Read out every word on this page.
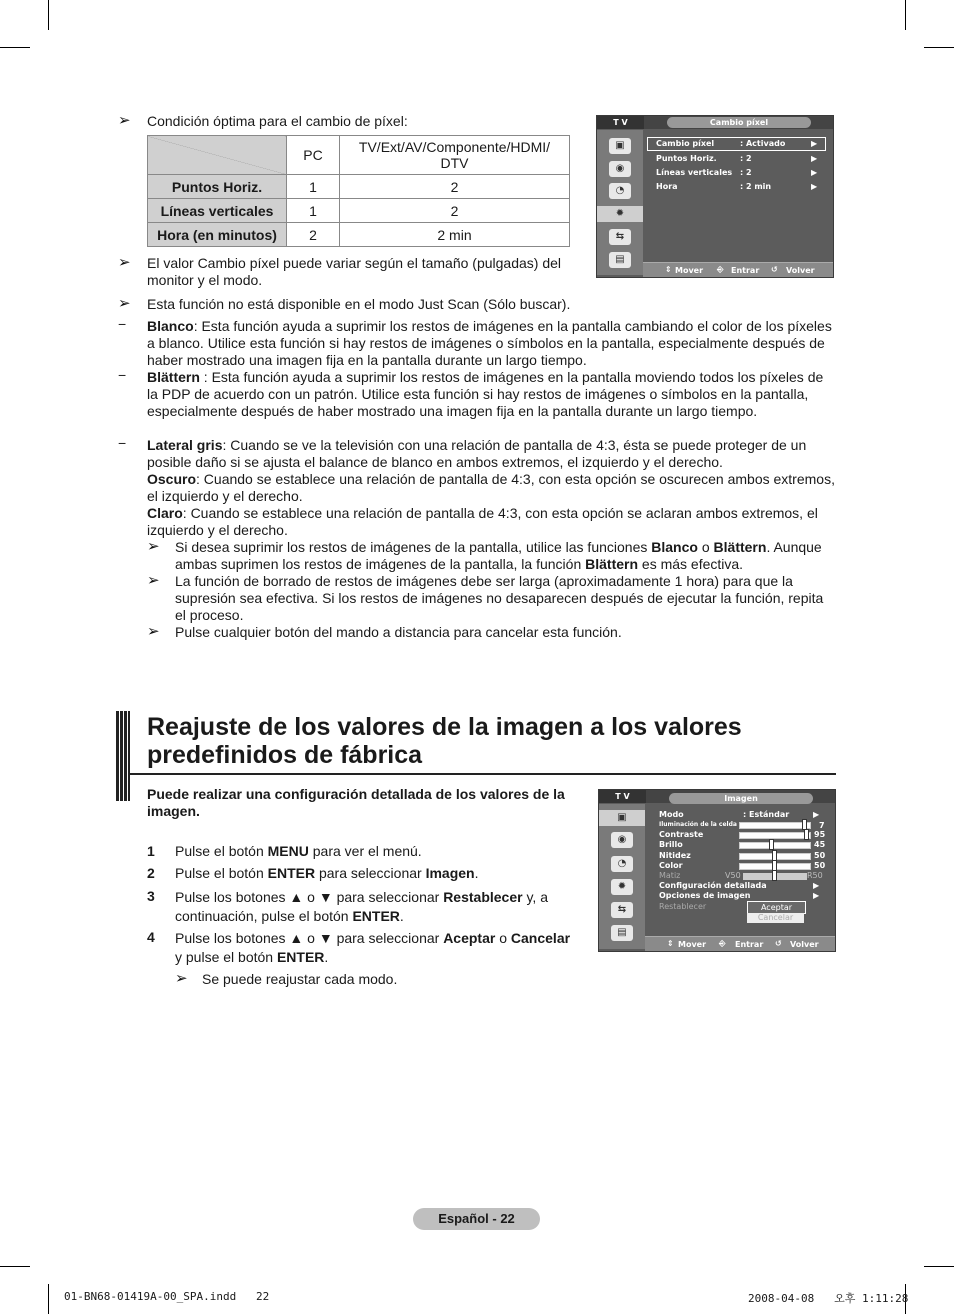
➢ Condición óptima para el cambio de píxel:
	PC	TV/Ext/AV/Componente/HDMI/ DTV
Puntos Horiz.	1	2
Líneas verticales	1	2
Hora (en minutos)	2	2 min
T V	Cambio píxel
▣
◉
◔
✹
⇆
▤
Cambio píxel	: Activado	▶
Puntos Horiz.	: 2	▶
Líneas verticales : 2	▶
Hora	: 2 min	▶
⇕ Mover ⎆ Entrar ↺ Volver
➢ El valor Cambio píxel puede variar según el tamaño (pulgadas) del monitor y el modo.
➢ Esta función no está disponible en el modo Just Scan (Sólo buscar).
− Blanco: Esta función ayuda a suprimir los restos de imágenes en la pantalla cambiando el color de los píxeles a blanco. Utilice esta función si hay restos de imágenes o símbolos en la pantalla, especialmente después de haber mostrado una imagen fija en la pantalla durante un largo tiempo.
− Blättern : Esta función ayuda a suprimir los restos de imágenes en la pantalla moviendo todos los píxeles de la PDP de acuerdo con un patrón. Utilice esta función si hay restos de imágenes o símbolos en la pantalla, especialmente después de haber mostrado una imagen fija en la pantalla durante un largo tiempo.
− Lateral gris: Cuando se ve la televisión con una relación de pantalla de 4:3, ésta se puede proteger de un posible daño si se ajusta el balance de blanco en ambos extremos, el izquierdo y el derecho.
Oscuro: Cuando se establece una relación de pantalla de 4:3, con esta opción se oscurecen ambos extremos, el izquierdo y el derecho.
Claro: Cuando se establece una relación de pantalla de 4:3, con esta opción se aclaran ambos extremos, el izquierdo y el derecho.
➢ Si desea suprimir los restos de imágenes de la pantalla, utilice las funciones Blanco o Blättern. Aunque ambas suprimen los restos de imágenes de la pantalla, la función Blättern es más efectiva.
➢ La función de borrado de restos de imágenes debe ser larga (aproximadamente 1 hora) para que la supresión sea efectiva. Si los restos de imágenes no desaparecen después de ejecutar la función, repita el proceso.
➢ Pulse cualquier botón del mando a distancia para cancelar esta función.
Reajuste de los valores de la imagen a los valores predefinidos de fábrica
Puede realizar una configuración detallada de los valores de la imagen.
1 Pulse el botón MENU para ver el menú.
2 Pulse el botón ENTER para seleccionar Imagen.
3 Pulse los botones ▲ o ▼ para seleccionar Restablecer y, a continuación, pulse el botón ENTER.
4 Pulse los botones ▲ o ▼ para seleccionar Aceptar o Cancelar y pulse el botón ENTER.
➢ Se puede reajustar cada modo.
T V	Imagen
▣
◉
◔
✹
⇆
▤
Modo	: Estándar	▶
Iluminación de la celda	7
Contraste	95
Brillo	45
Nitidez	50
Color	50
Matiz	V50	R50
Configuración detallada	▶
Opciones de imagen	▶
Restablecer	Aceptar
Cancelar
⇕ Mover ⎆ Entrar ↺ Volver
Español - 22
01-BN68-01419A-00_SPA.indd   22	2008-04-08   오후 1:11:28
